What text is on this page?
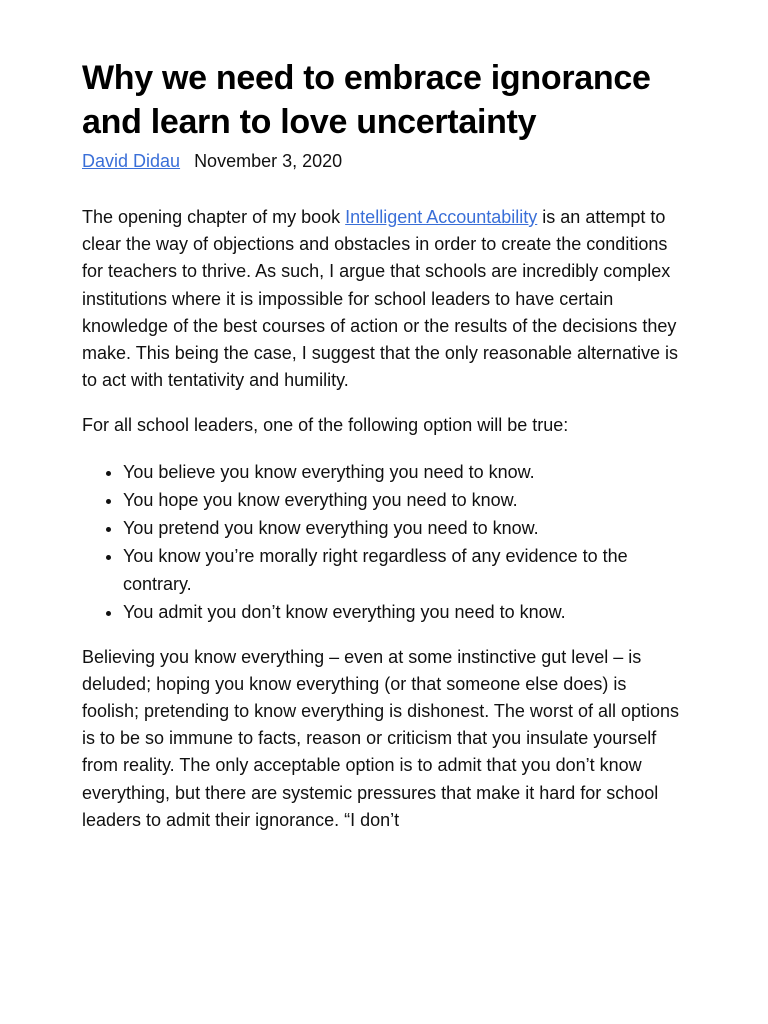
Why we need to embrace ignorance and learn to love uncertainty
David Didau November 3, 2020

The opening chapter of my book Intelligent Accountability is an attempt to clear the way of objections and obstacles in order to create the conditions for teachers to thrive. As such, I argue that schools are incredibly complex institutions where it is impossible for school leaders to have certain knowledge of the best courses of action or the results of the decisions they make. This being the case, I suggest that the only reasonable alternative is to act with tentativity and humility.

For all school leaders, one of the following option will be true:

• You believe you know everything you need to know.
• You hope you know everything you need to know.
• You pretend you know everything you need to know.
• You know you’re morally right regardless of any evidence to the contrary.
• You admit you don’t know everything you need to know.

Believing you know everything – even at some instinctive gut level – is deluded; hoping you know everything (or that someone else does) is foolish; pretending to know everything is dishonest. The worst of all options is to be so immune to facts, reason or criticism that you insulate yourself from reality. The only acceptable option is to admit that you don’t know everything, but there are systemic pressures that make it hard for school leaders to admit their ignorance. “I don’t
